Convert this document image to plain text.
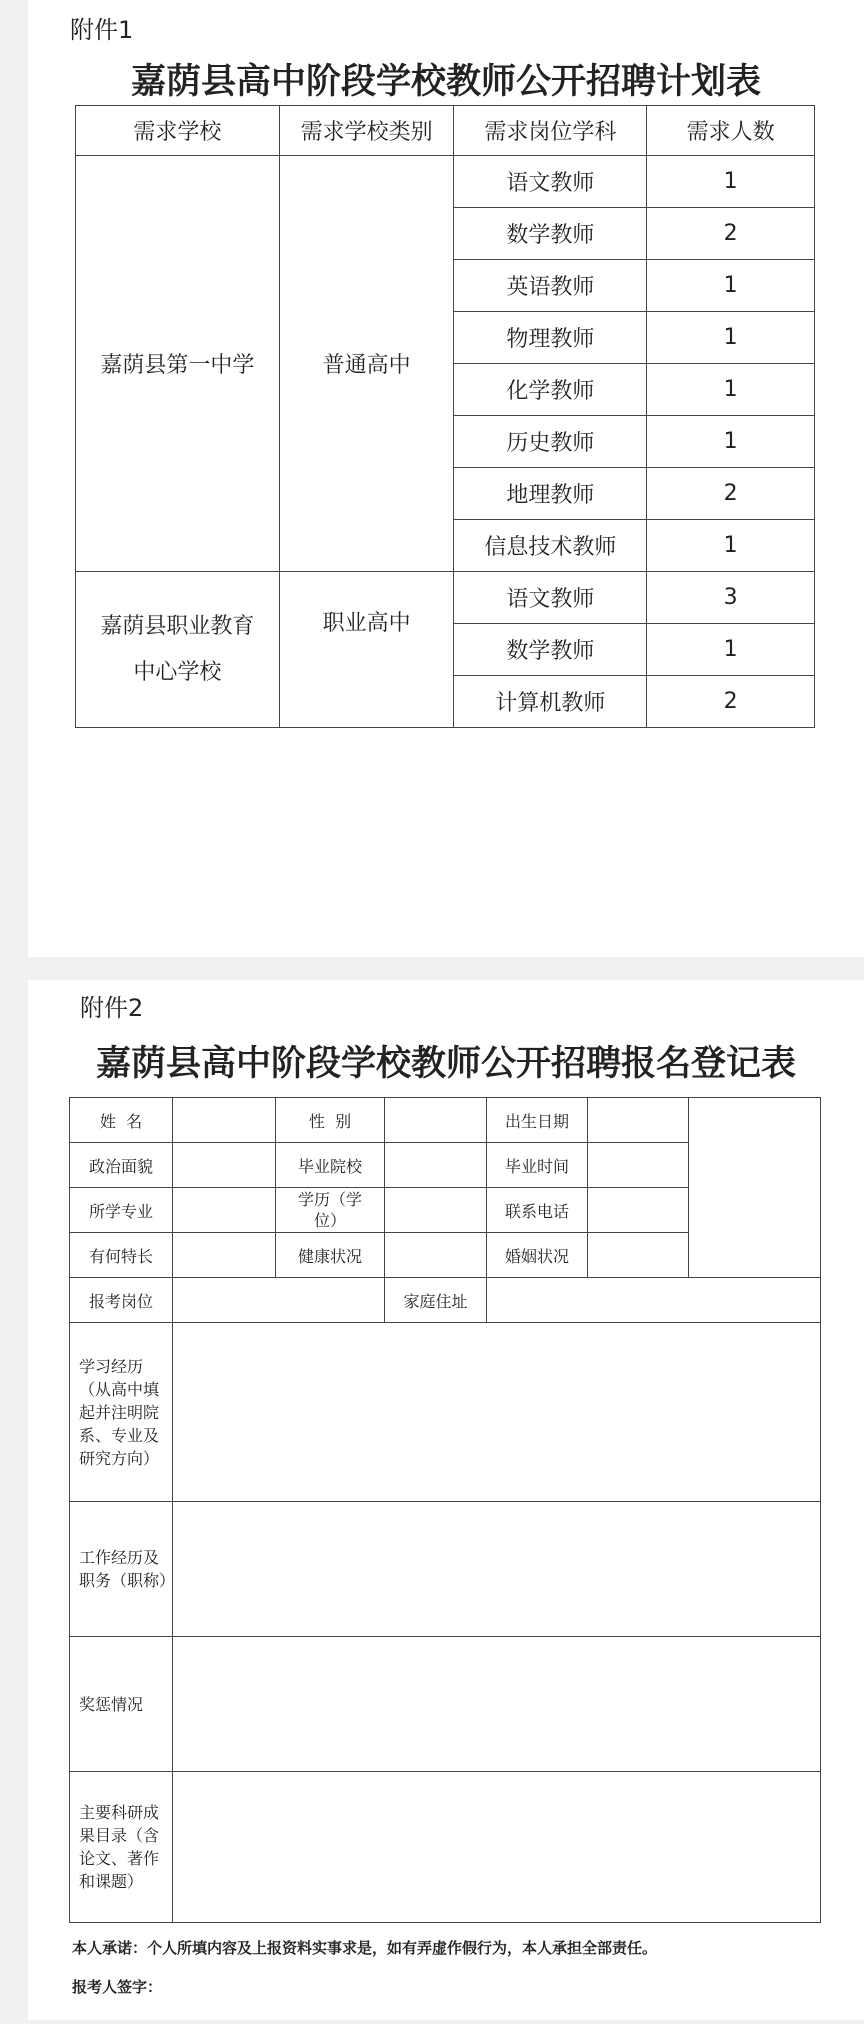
附件1
嘉荫县高中阶段学校教师公开招聘计划表
需求学校	需求学校类别	需求岗位学科	需求人数
嘉荫县第一中学	普通高中	语文教师	1
		数学教师	2
		英语教师	1
		物理教师	1
		化学教师	1
		历史教师	1
		地理教师	2
		信息技术教师	1
嘉荫县职业教育
中心学校	职业高中	语文教师	3
		数学教师	1
		计算机教师	2
附件2
嘉荫县高中阶段学校教师公开招聘报名登记表
姓  名		性  别		出生日期		
政治面貌		毕业院校		毕业时间		
所学专业		学历（学位）		联系电话		
有何特长		健康状况		婚姻状况		
报考岗位			家庭住址			
学习经历（从高中填起并注明院系、专业及研究方向）						
工作经历及职务（职称）						
奖惩情况						
主要科研成果目录（含论文、著作和课题）						
本人承诺：个人所填内容及上报资料实事求是，如有弄虚作假行为，本人承担全部责任。
报考人签字：
